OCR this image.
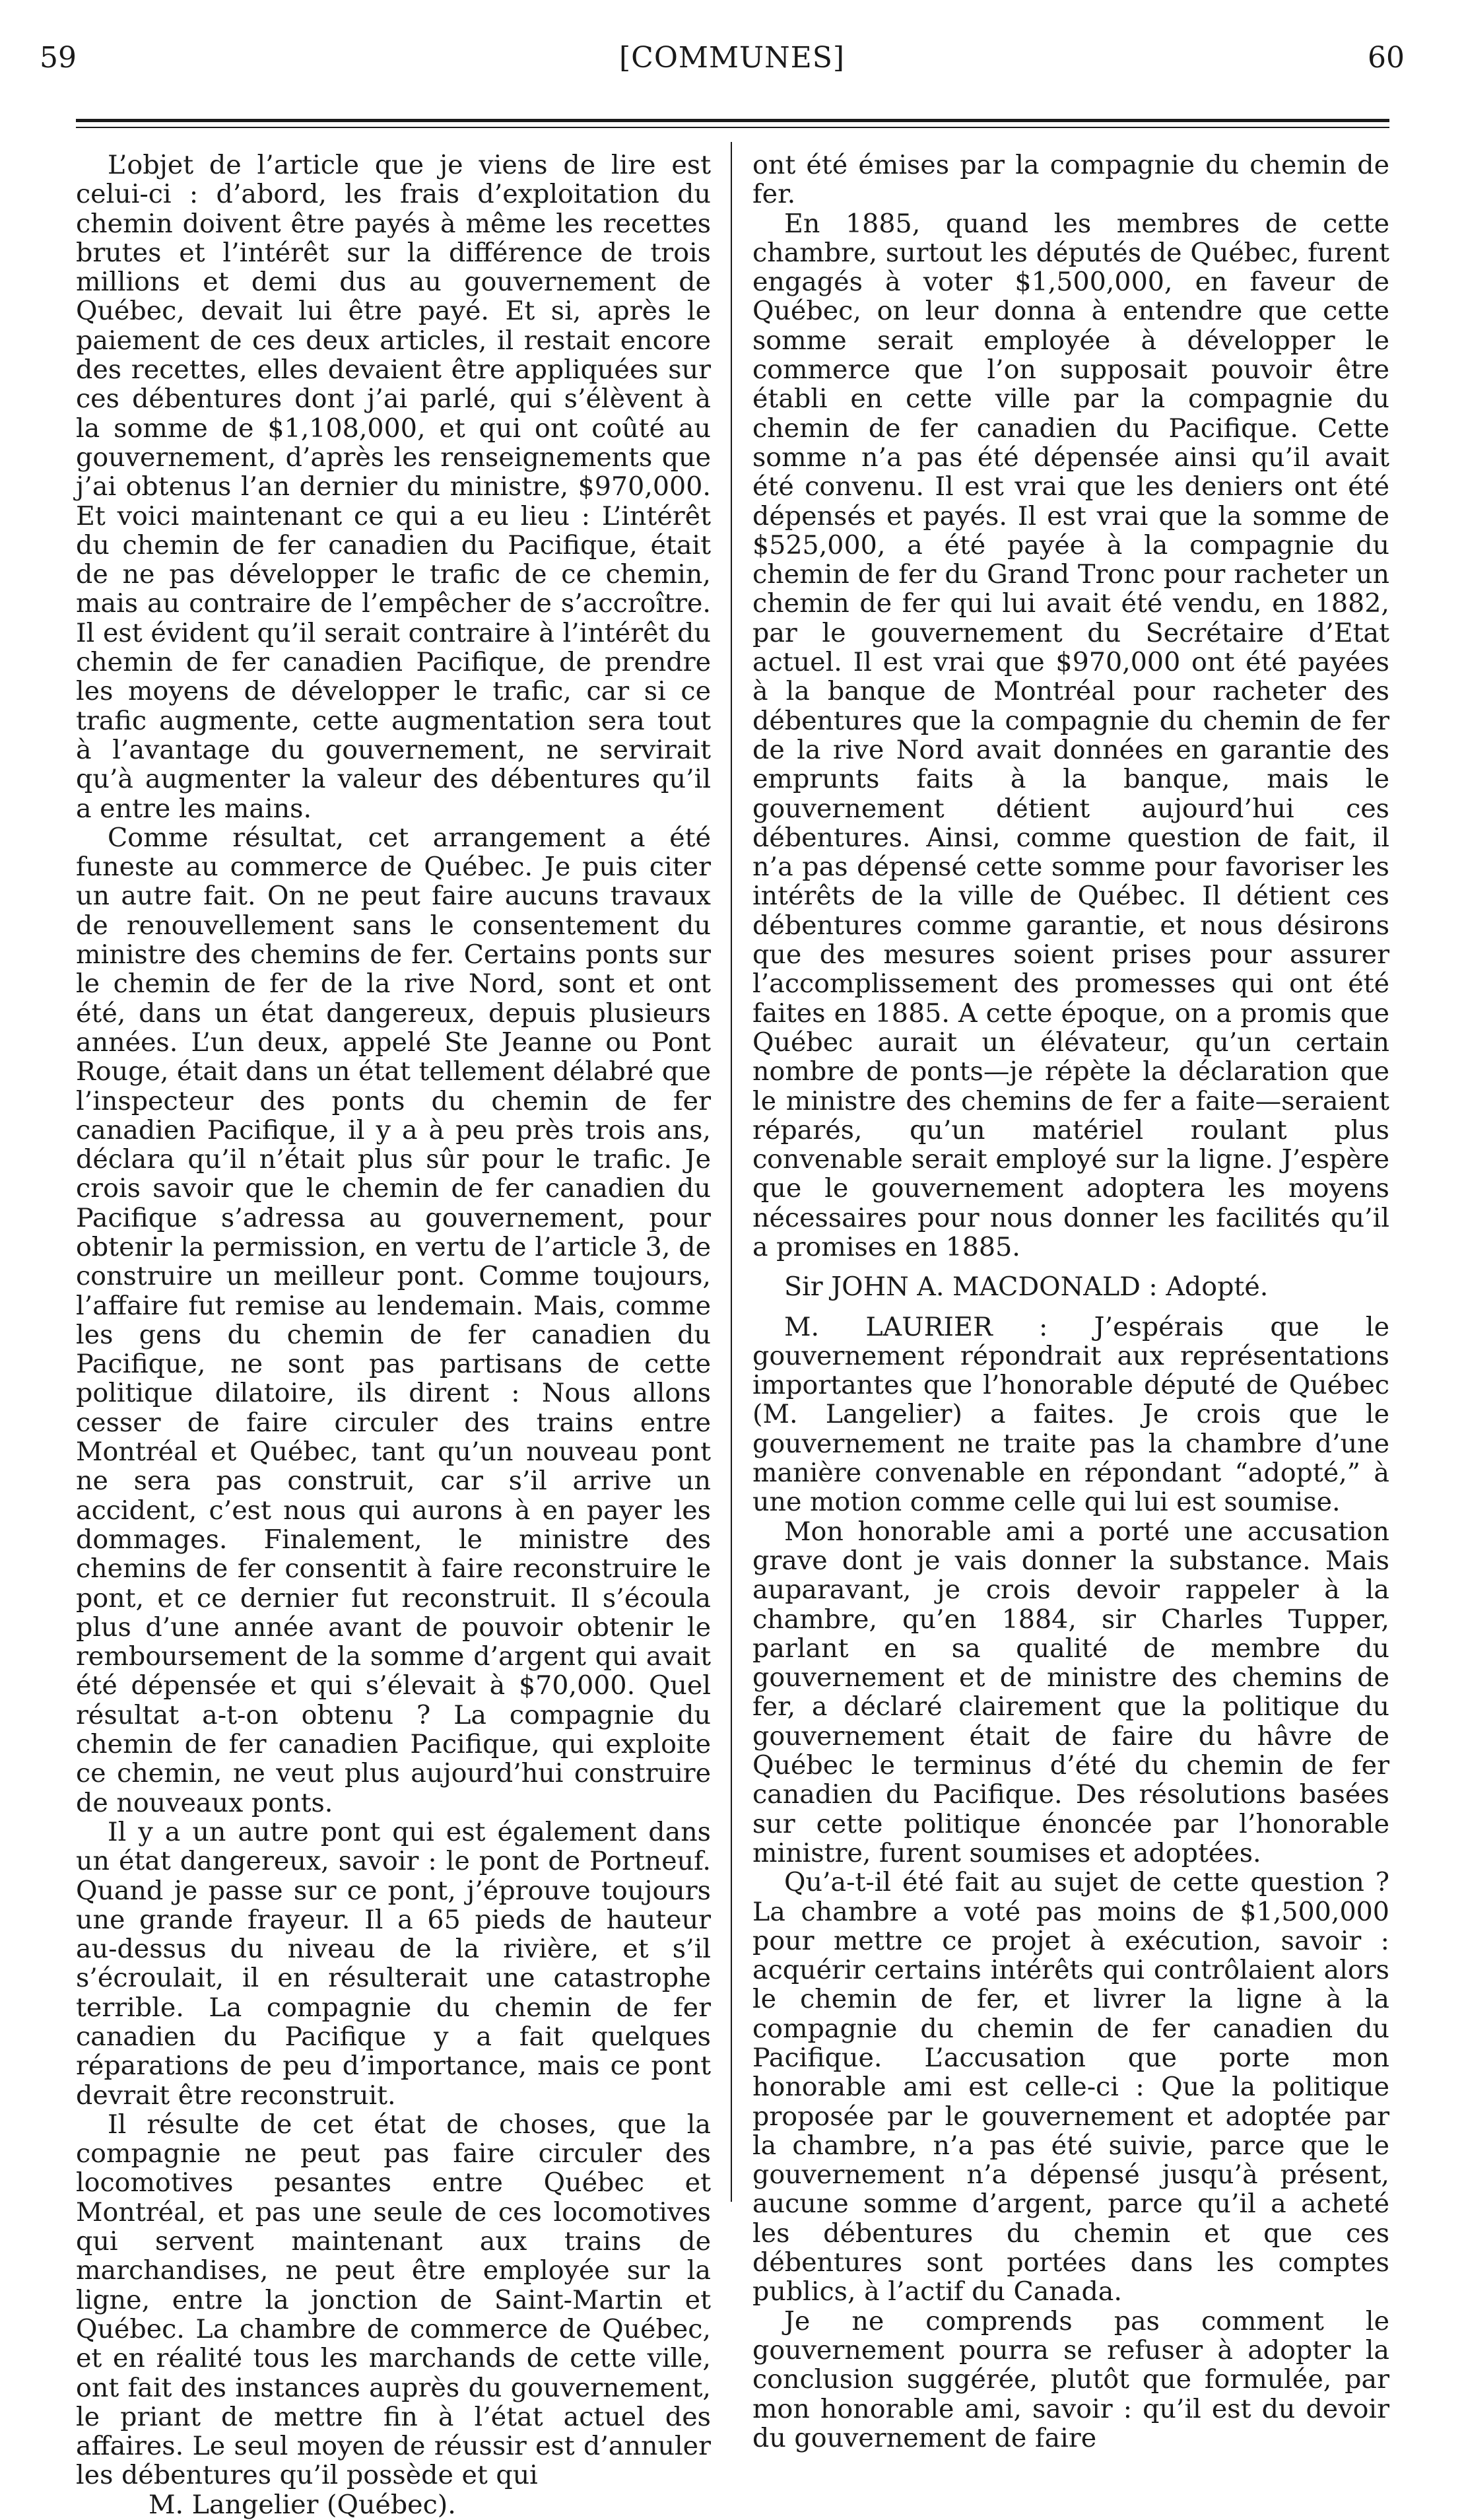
59	[COMMUNES]	60

L’objet de l’article que je viens de lire est celui-ci : d’abord, les frais d’exploitation du chemin doivent être payés à même les recettes brutes et l’intérêt sur la différence de trois millions et demi dus au gouvernement de Québec, devait lui être payé. Et si, après le paiement de ces deux articles, il restait encore des recettes, elles devaient être appliquées sur ces débentures dont j’ai parlé, qui s’élèvent à la somme de $1,108,000, et qui ont coûté au gouvernement, d’après les renseignements que j’ai obtenus l’an dernier du ministre, $970,000. Et voici maintenant ce qui a eu lieu : L’intérêt du chemin de fer canadien du Pacifique, était de ne pas développer le trafic de ce chemin, mais au contraire de l’empêcher de s’accroître. Il est évident qu’il serait contraire à l’intérêt du chemin de fer canadien Pacifique, de prendre les moyens de développer le trafic, car si ce trafic augmente, cette augmentation sera tout à l’avantage du gouvernement, ne servirait qu’à augmenter la valeur des débentures qu’il a entre les mains.

Comme résultat, cet arrangement a été funeste au commerce de Québec. Je puis citer un autre fait. On ne peut faire aucuns travaux de renouvellement sans le consentement du ministre des chemins de fer. Certains ponts sur le chemin de fer de la rive Nord, sont et ont été, dans un état dangereux, depuis plusieurs années. L’un deux, appelé Ste Jeanne ou Pont Rouge, était dans un état tellement délabré que l’inspecteur des ponts du chemin de fer canadien Pacifique, il y a à peu près trois ans, déclara qu’il n’était plus sûr pour le trafic. Je crois savoir que le chemin de fer canadien du Pacifique s’adressa au gouvernement, pour obtenir la permission, en vertu de l’article 3, de construire un meilleur pont. Comme toujours, l’affaire fut remise au lendemain. Mais, comme les gens du chemin de fer canadien du Pacifique, ne sont pas partisans de cette politique dilatoire, ils dirent : Nous allons cesser de faire circuler des trains entre Montréal et Québec, tant qu’un nouveau pont ne sera pas construit, car s’il arrive un accident, c’est nous qui aurons à en payer les dommages. Finalement, le ministre des chemins de fer consentit à faire reconstruire le pont, et ce dernier fut reconstruit. Il s’écoula plus d’une année avant de pouvoir obtenir le remboursement de la somme d’argent qui avait été dépensée et qui s’élevait à $70,000. Quel résultat a-t-on obtenu ? La compagnie du chemin de fer canadien Pacifique, qui exploite ce chemin, ne veut plus aujourd’hui construire de nouveaux ponts.

Il y a un autre pont qui est également dans un état dangereux, savoir : le pont de Portneuf. Quand je passe sur ce pont, j’éprouve toujours une grande frayeur. Il a 65 pieds de hauteur au-dessus du niveau de la rivière, et s’il s’écroulait, il en résulterait une catastrophe terrible. La compagnie du chemin de fer canadien du Pacifique y a fait quelques réparations de peu d’importance, mais ce pont devrait être reconstruit.

Il résulte de cet état de choses, que la compagnie ne peut pas faire circuler des locomotives pesantes entre Québec et Montréal, et pas une seule de ces locomotives qui servent maintenant aux trains de marchandises, ne peut être employée sur la ligne, entre la jonction de Saint-Martin et Québec. La chambre de commerce de Québec, et en réalité tous les marchands de cette ville, ont fait des instances auprès du gouvernement, le priant de mettre fin à l’état actuel des affaires. Le seul moyen de réussir est d’annuler les débentures qu’il possède et qui

M. Langelier (Québec).

ont été émises par la compagnie du chemin de fer.

En 1885, quand les membres de cette chambre, surtout les députés de Québec, furent engagés à voter $1,500,000, en faveur de Québec, on leur donna à entendre que cette somme serait employée à développer le commerce que l’on supposait pouvoir être établi en cette ville par la compagnie du chemin de fer canadien du Pacifique. Cette somme n’a pas été dépensée ainsi qu’il avait été convenu. Il est vrai que les deniers ont été dépensés et payés. Il est vrai que la somme de $525,000, a été payée à la compagnie du chemin de fer du Grand Tronc pour racheter un chemin de fer qui lui avait été vendu, en 1882, par le gouvernement du Secrétaire d’Etat actuel. Il est vrai que $970,000 ont été payées à la banque de Montréal pour racheter des débentures que la compagnie du chemin de fer de la rive Nord avait données en garantie des emprunts faits à la banque, mais le gouvernement détient aujourd’hui ces débentures. Ainsi, comme question de fait, il n’a pas dépensé cette somme pour favoriser les intérêts de la ville de Québec. Il détient ces débentures comme garantie, et nous désirons que des mesures soient prises pour assurer l’accomplissement des promesses qui ont été faites en 1885. A cette époque, on a promis que Québec aurait un élévateur, qu’un certain nombre de ponts—je répète la déclaration que le ministre des chemins de fer a faite—seraient réparés, qu’un matériel roulant plus convenable serait employé sur la ligne. J’espère que le gouvernement adoptera les moyens nécessaires pour nous donner les facilités qu’il a promises en 1885.

Sir JOHN A. MACDONALD : Adopté.

M. LAURIER : J’espérais que le gouvernement répondrait aux représentations importantes que l’honorable député de Québec (M. Langelier) a faites. Je crois que le gouvernement ne traite pas la chambre d’une manière convenable en répondant “adopté,” à une motion comme celle qui lui est soumise.

Mon honorable ami a porté une accusation grave dont je vais donner la substance. Mais auparavant, je crois devoir rappeler à la chambre, qu’en 1884, sir Charles Tupper, parlant en sa qualité de membre du gouvernement et de ministre des chemins de fer, a déclaré clairement que la politique du gouvernement était de faire du hâvre de Québec le terminus d’été du chemin de fer canadien du Pacifique. Des résolutions basées sur cette politique énoncée par l’honorable ministre, furent soumises et adoptées.

Qu’a-t-il été fait au sujet de cette question ? La chambre a voté pas moins de $1,500,000 pour mettre ce projet à exécution, savoir : acquérir certains intérêts qui contrôlaient alors le chemin de fer, et livrer la ligne à la compagnie du chemin de fer canadien du Pacifique. L’accusation que porte mon honorable ami est celle-ci : Que la politique proposée par le gouvernement et adoptée par la chambre, n’a pas été suivie, parce que le gouvernement n’a dépensé jusqu’à présent, aucune somme d’argent, parce qu’il a acheté les débentures du chemin et que ces débentures sont portées dans les comptes publics, à l’actif du Canada.

Je ne comprends pas comment le gouvernement pourra se refuser à adopter la conclusion suggérée, plutôt que formulée, par mon honorable ami, savoir : qu’il est du devoir du gouvernement de faire
